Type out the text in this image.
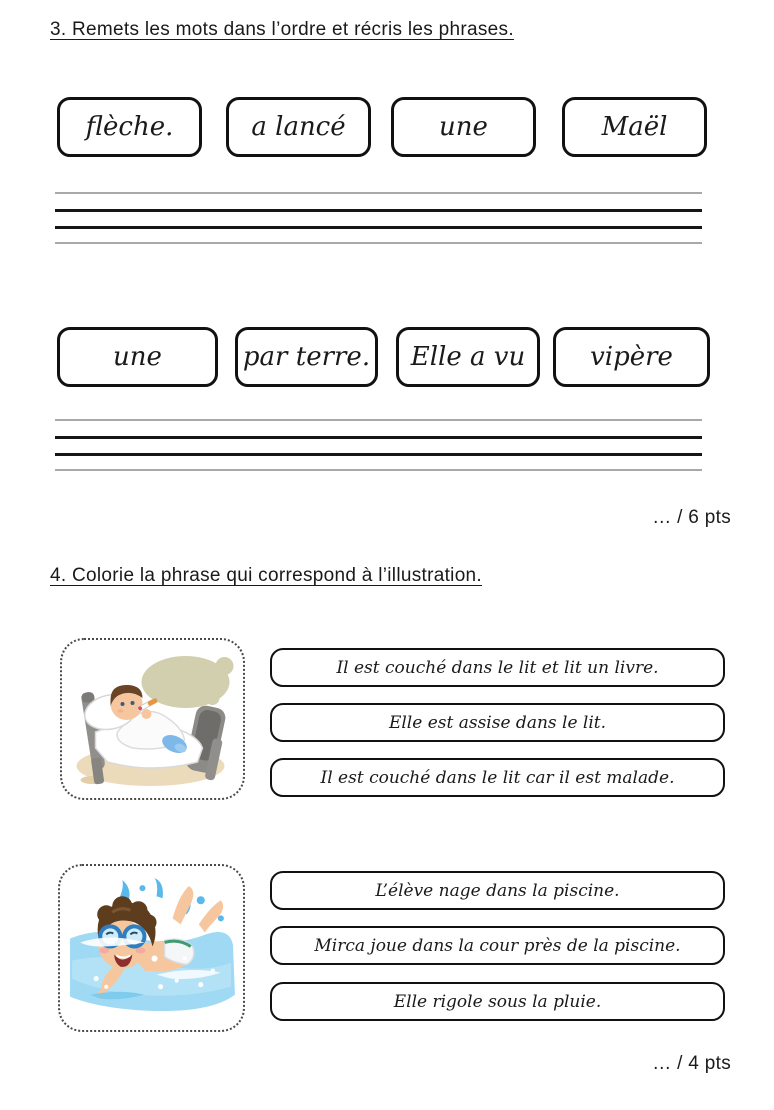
3. Remets les mots dans l’ordre et récris les phrases.
flèche.	a lancé	une	Maël
une	par terre.	Elle a vu	vipère
… / 6 pts
4. Colorie la phrase qui correspond à l’illustration.
Il est couché dans le lit et lit un livre.
Elle est assise dans le lit.
Il est couché dans le lit car il est malade.
L’élève nage dans la piscine.
Mirca joue dans la cour près de la piscine.
Elle rigole sous la pluie.
… / 4 pts
